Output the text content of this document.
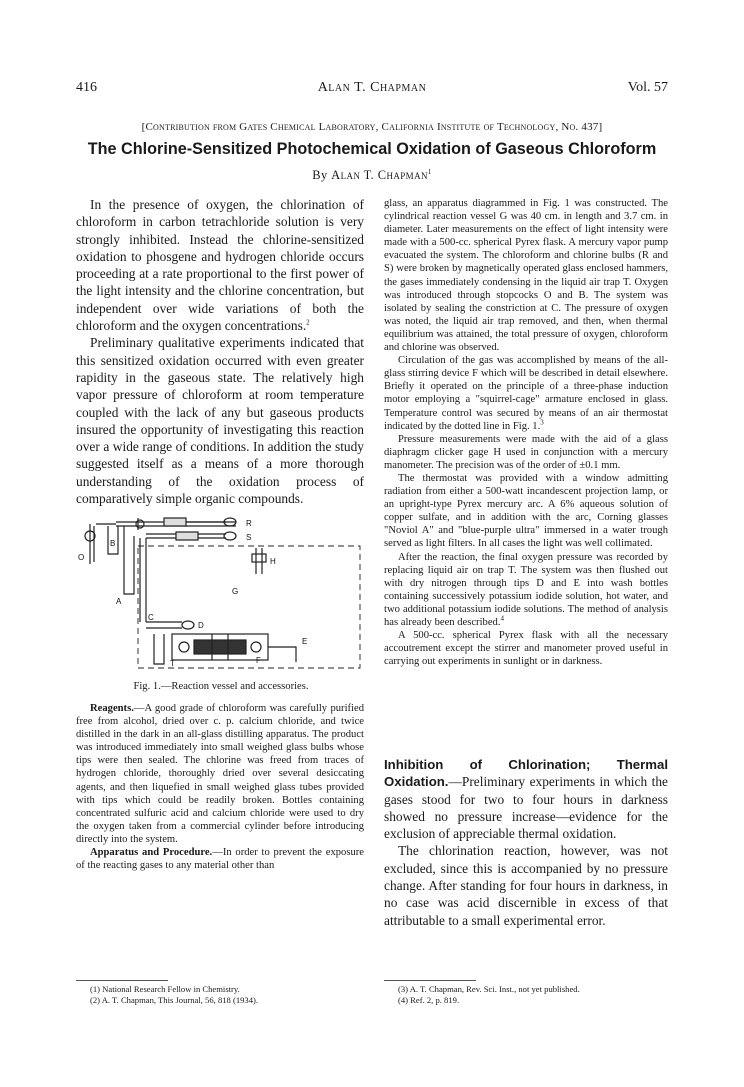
416	Alan T. Chapman	Vol. 57
[Contribution from Gates Chemical Laboratory, California Institute of Technology, No. 437]
The Chlorine-Sensitized Photochemical Oxidation of Gaseous Chloroform
By Alan T. Chapman$^1$

In the presence of oxygen, the chlorination of chloroform in carbon tetrachloride solution is very strongly inhibited. Instead the chlorine-sensitized oxidation to phosgene and hydrogen chloride occurs proceeding at a rate proportional to the first power of the light intensity and the chlorine concentration, but independent over wide variations of both the chloroform and the oxygen concentrations.$^2$

Preliminary qualitative experiments indicated that this sensitized oxidation occurred with even greater rapidity in the gaseous state. The relatively high vapor pressure of chloroform at room temperature coupled with the lack of any but gaseous products insured the opportunity of investigating this reaction over a wide range of conditions. In addition the study suggested itself as a means of a more thorough understanding of the oxidation process of comparatively simple organic compounds.

R
S
B
O	H
G
A
C
D
E
T	F
Fig. 1.—Reaction vessel and accessories.

Reagents.—A good grade of chloroform was carefully purified free from alcohol, dried over c. p. calcium chloride, and twice distilled in the dark in an all-glass distilling apparatus. The product was introduced immediately into small weighed glass bulbs whose tips were then sealed. The chlorine was freed from traces of hydrogen chloride, thoroughly dried over several desiccating agents, and then liquefied in small weighed glass tubes provided with tips which could be readily broken. Bottles containing concentrated sulfuric acid and calcium chloride were used to dry the oxygen taken from a commercial cylinder before introducing directly into the system.

Apparatus and Procedure.—In order to prevent the exposure of the reacting gases to any material other than

(1) National Research Fellow in Chemistry.

(2) A. T. Chapman, This Journal, 56, 818 (1934).

glass, an apparatus diagrammed in Fig. 1 was constructed. The cylindrical reaction vessel G was 40 cm. in length and 3.7 cm. in diameter. Later measurements on the effect of light intensity were made with a 500-cc. spherical Pyrex flask. A mercury vapor pump evacuated the system. The chloroform and chlorine bulbs (R and S) were broken by magnetically operated glass enclosed hammers, the gases immediately condensing in the liquid air trap T. Oxygen was introduced through stopcocks O and B. The system was isolated by sealing the constriction at C. The pressure of oxygen was noted, the liquid air trap removed, and then, when thermal equilibrium was attained, the total pressure of oxygen, chloroform and chlorine was observed.

Circulation of the gas was accomplished by means of the all-glass stirring device F which will be described in detail elsewhere. Briefly it operated on the principle of a three-phase induction motor employing a "squirrel-cage" armature enclosed in glass. Temperature control was secured by means of an air thermostat indicated by the dotted line in Fig. 1.$^3$

Pressure measurements were made with the aid of a glass diaphragm clicker gage H used in conjunction with a mercury manometer. The precision was of the order of ±0.1 mm.

The thermostat was provided with a window admitting radiation from either a 500-watt incandescent projection lamp, or an upright-type Pyrex mercury arc. A 6% aqueous solution of copper sulfate, and in addition with the arc, Corning glasses "Noviol A" and "blue-purple ultra" immersed in a water trough served as light filters. In all cases the light was well collimated.

After the reaction, the final oxygen pressure was recorded by replacing liquid air on trap T. The system was then flushed out with dry nitrogen through tips D and E into wash bottles containing successively potassium iodide solution, hot water, and two additional potassium iodide solutions. The method of analysis has already been described.$^4$

A 500-cc. spherical Pyrex flask with all the necessary accoutrement except the stirrer and manometer proved useful in carrying out experiments in sunlight or in darkness.

Inhibition of Chlorination; Thermal Oxidation.—Preliminary experiments in which the gases stood for two to four hours in darkness showed no pressure increase—evidence for the exclusion of appreciable thermal oxidation.

The chlorination reaction, however, was not excluded, since this is accompanied by no pressure change. After standing for four hours in darkness, in no case was acid discernible in excess of that attributable to a small experimental error.

(3) A. T. Chapman, Rev. Sci. Inst., not yet published.

(4) Ref. 2, p. 819.
